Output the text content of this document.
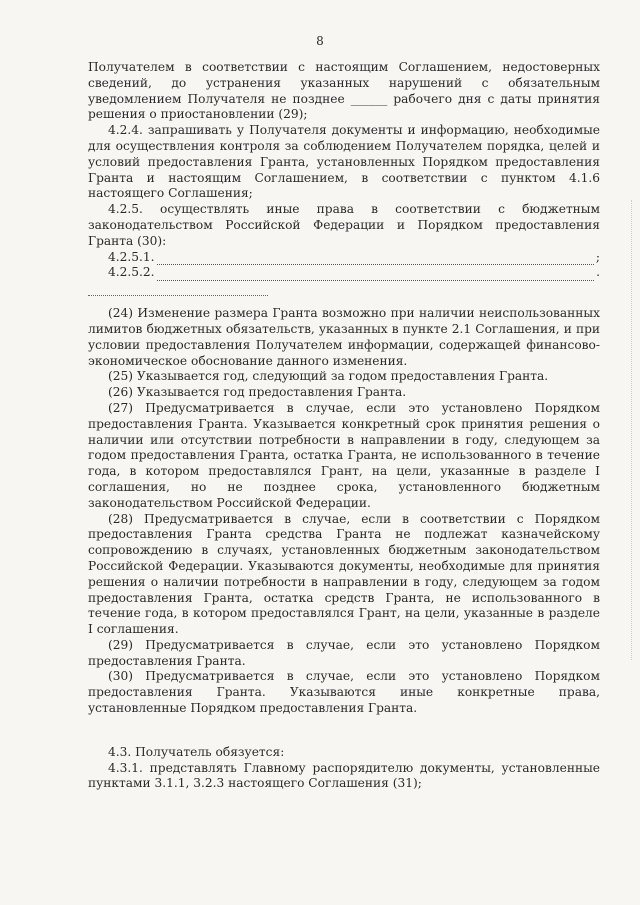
8

Получателем в соответствии с настоящим Соглашением, недостоверных сведений, до устранения указанных нарушений с обязательным уведомлением Получателя не позднее ______ рабочего дня с даты принятия решения о приостановлении (29);

4.2.4. запрашивать у Получателя документы и информацию, необходимые для осуществления контроля за соблюдением Получателем порядка, целей и условий предоставления Гранта, установленных Порядком предоставления Гранта и настоящим Соглашением, в соответствии с пунктом 4.1.6 настоящего Соглашения;

4.2.5. осуществлять иные права в соответствии с бюджетным законодательством Российской Федерации и Порядком предоставления Гранта (30):

4.2.5.1.	;
4.2.5.2.	.

(24) Изменение размера Гранта возможно при наличии неиспользованных лимитов бюджетных обязательств, указанных в пункте 2.1 Соглашения, и при условии предоставления Получателем информации, содержащей финансово-экономическое обоснование данного изменения.

(25) Указывается год, следующий за годом предоставления Гранта.

(26) Указывается год предоставления Гранта.

(27) Предусматривается в случае, если это установлено Порядком предоставления Гранта. Указывается конкретный срок принятия решения о наличии или отсутствии потребности в направлении в году, следующем за годом предоставления Гранта, остатка Гранта, не использованного в течение года, в котором предоставлялся Грант, на цели, указанные в разделе I соглашения, но не позднее срока, установленного бюджетным законодательством Российской Федерации.

(28) Предусматривается в случае, если в соответствии с Порядком предоставления Гранта средства Гранта не подлежат казначейскому сопровождению в случаях, установленных бюджетным законодательством Российской Федерации. Указываются документы, необходимые для принятия решения о наличии потребности в направлении в году, следующем за годом предоставления Гранта, остатка средств Гранта, не использованного в течение года, в котором предоставлялся Грант, на цели, указанные в разделе I соглашения.

(29) Предусматривается в случае, если это установлено Порядком предоставления Гранта.

(30) Предусматривается в случае, если это установлено Порядком предоставления Гранта. Указываются иные конкретные права, установленные Порядком предоставления Гранта.

4.3. Получатель обязуется:

4.3.1. представлять Главному распорядителю документы, установленные пунктами 3.1.1, 3.2.3 настоящего Соглашения (31);
